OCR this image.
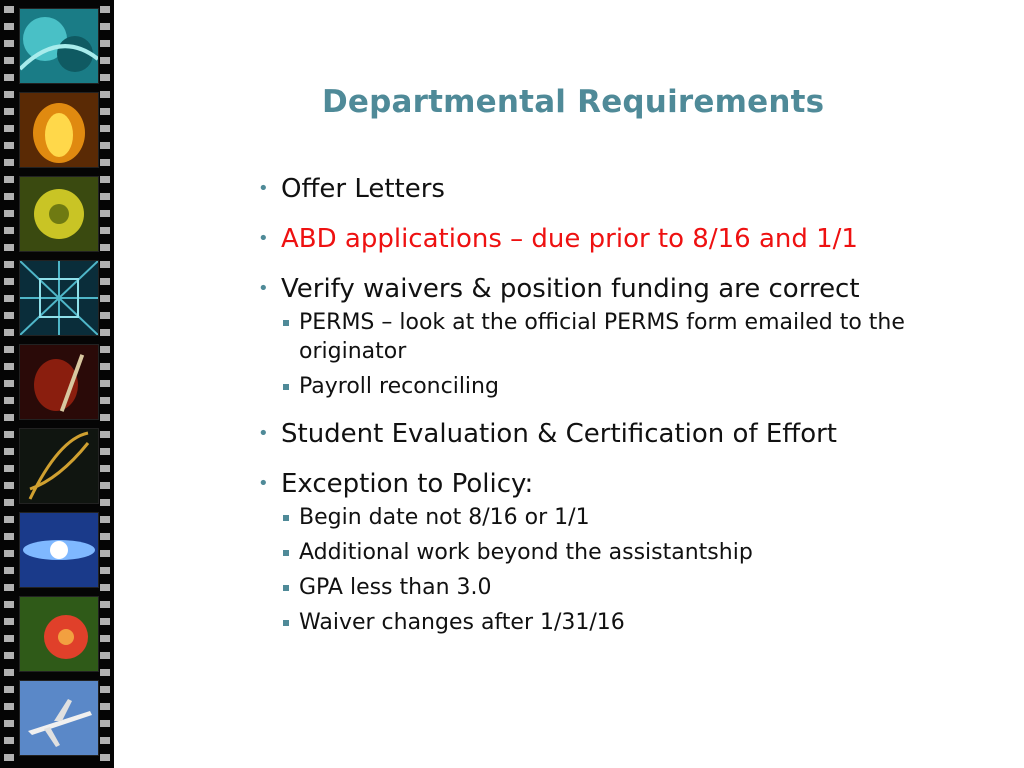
Departmental Requirements
• Offer Letters
• ABD applications – due prior to 8/16 and 1/1
• Verify waivers & position funding are correct
PERMS – look at the official PERMS form emailed to the originator
Payroll reconciling
• Student Evaluation & Certification of Effort
• Exception to Policy:
Begin date not 8/16 or 1/1
Additional work beyond the assistantship
GPA less than 3.0
Waiver changes after 1/31/16
